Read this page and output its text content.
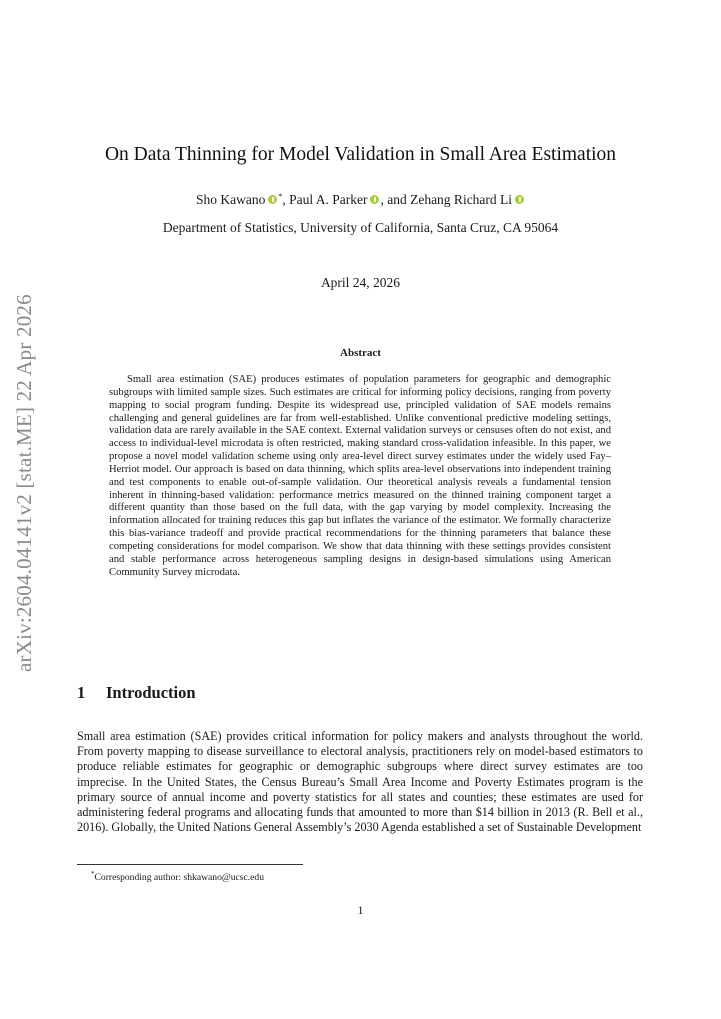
arXiv:2604.04141v2 [stat.ME] 22 Apr 2026
On Data Thinning for Model Validation in Small Area Estimation
Sho Kawano *, Paul A. Parker , and Zehang Richard Li
Department of Statistics, University of California, Santa Cruz, CA 95064
April 24, 2026
Abstract
Small area estimation (SAE) produces estimates of population parameters for geographic and demographic subgroups with limited sample sizes. Such estimates are critical for informing policy decisions, ranging from poverty mapping to social program funding. Despite its widespread use, principled validation of SAE models remains challenging and general guidelines are far from well-established. Unlike conventional predictive modeling settings, validation data are rarely available in the SAE context. External validation surveys or censuses often do not exist, and access to individual-level microdata is often restricted, making standard cross-validation infeasible. In this paper, we propose a novel model validation scheme using only area-level direct survey estimates under the widely used Fay–Herriot model. Our approach is based on data thinning, which splits area-level observations into independent training and test components to enable out-of-sample validation. Our theoretical analysis reveals a fundamental tension inherent in thinning-based validation: performance metrics measured on the thinned training component target a different quantity than those based on the full data, with the gap varying by model complexity. Increasing the information allocated for training reduces this gap but inflates the variance of the estimator. We formally characterize this bias-variance tradeoff and provide practical recommendations for the thinning parameters that balance these competing considerations for model comparison. We show that data thinning with these settings provides consistent and stable performance across heterogeneous sampling designs in design-based simulations using American Community Survey microdata.
1 Introduction
Small area estimation (SAE) provides critical information for policy makers and analysts throughout the world. From poverty mapping to disease surveillance to electoral analysis, practitioners rely on model-based estimators to produce reliable estimates for geographic or demographic subgroups where direct survey estimates are too imprecise. In the United States, the Census Bureau’s Small Area Income and Poverty Estimates program is the primary source of annual income and poverty statistics for all states and counties; these estimates are used for administering federal programs and allocating funds that amounted to more than $14 billion in 2013 (R. Bell et al., 2016). Globally, the United Nations General Assembly’s 2030 Agenda established a set of Sustainable Development
*Corresponding author: shkawano@ucsc.edu
1
